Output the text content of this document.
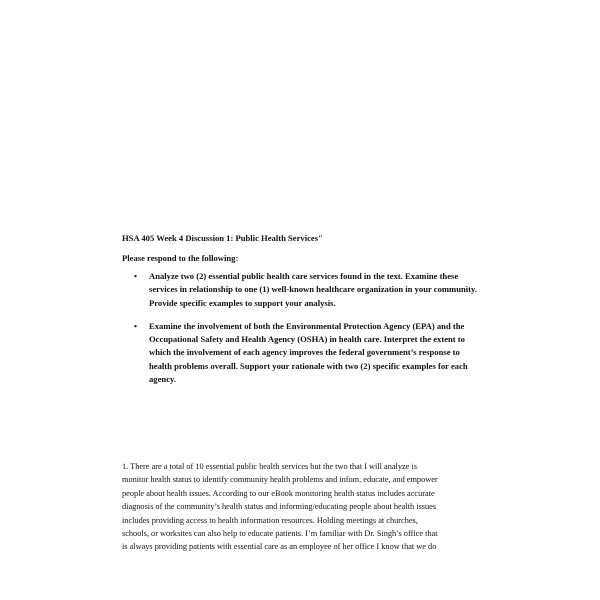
HSA 405 Week 4 Discussion 1: Public Health Services"
Please respond to the following:
• Analyze two (2) essential public health care services found in the text. Examine these services in relationship to one (1) well-known healthcare organization in your community. Provide specific examples to support your analysis.
• Examine the involvement of both the Environmental Protection Agency (EPA) and the Occupational Safety and Health Agency (OSHA) in health care. Interpret the extent to which the involvement of each agency improves the federal government’s response to health problems overall. Support your rationale with two (2) specific examples for each agency.

1. There are a total of 10 essential public health services but the two that I will analyze is
monitor health status to identify community health problems and infom, educate, and empower
people about health issues. According to our eBook monitoring health status includes accurate
diagnosis of the community’s health status and informing/educating people about health issues
includes providing access to health information resources. Holding meetings at churches,
schools, or worksites can also help to educate patients. I’m familiar with Dr. Singh’s office that
is always providing patients with essential care as an employee of her office I know that we do
